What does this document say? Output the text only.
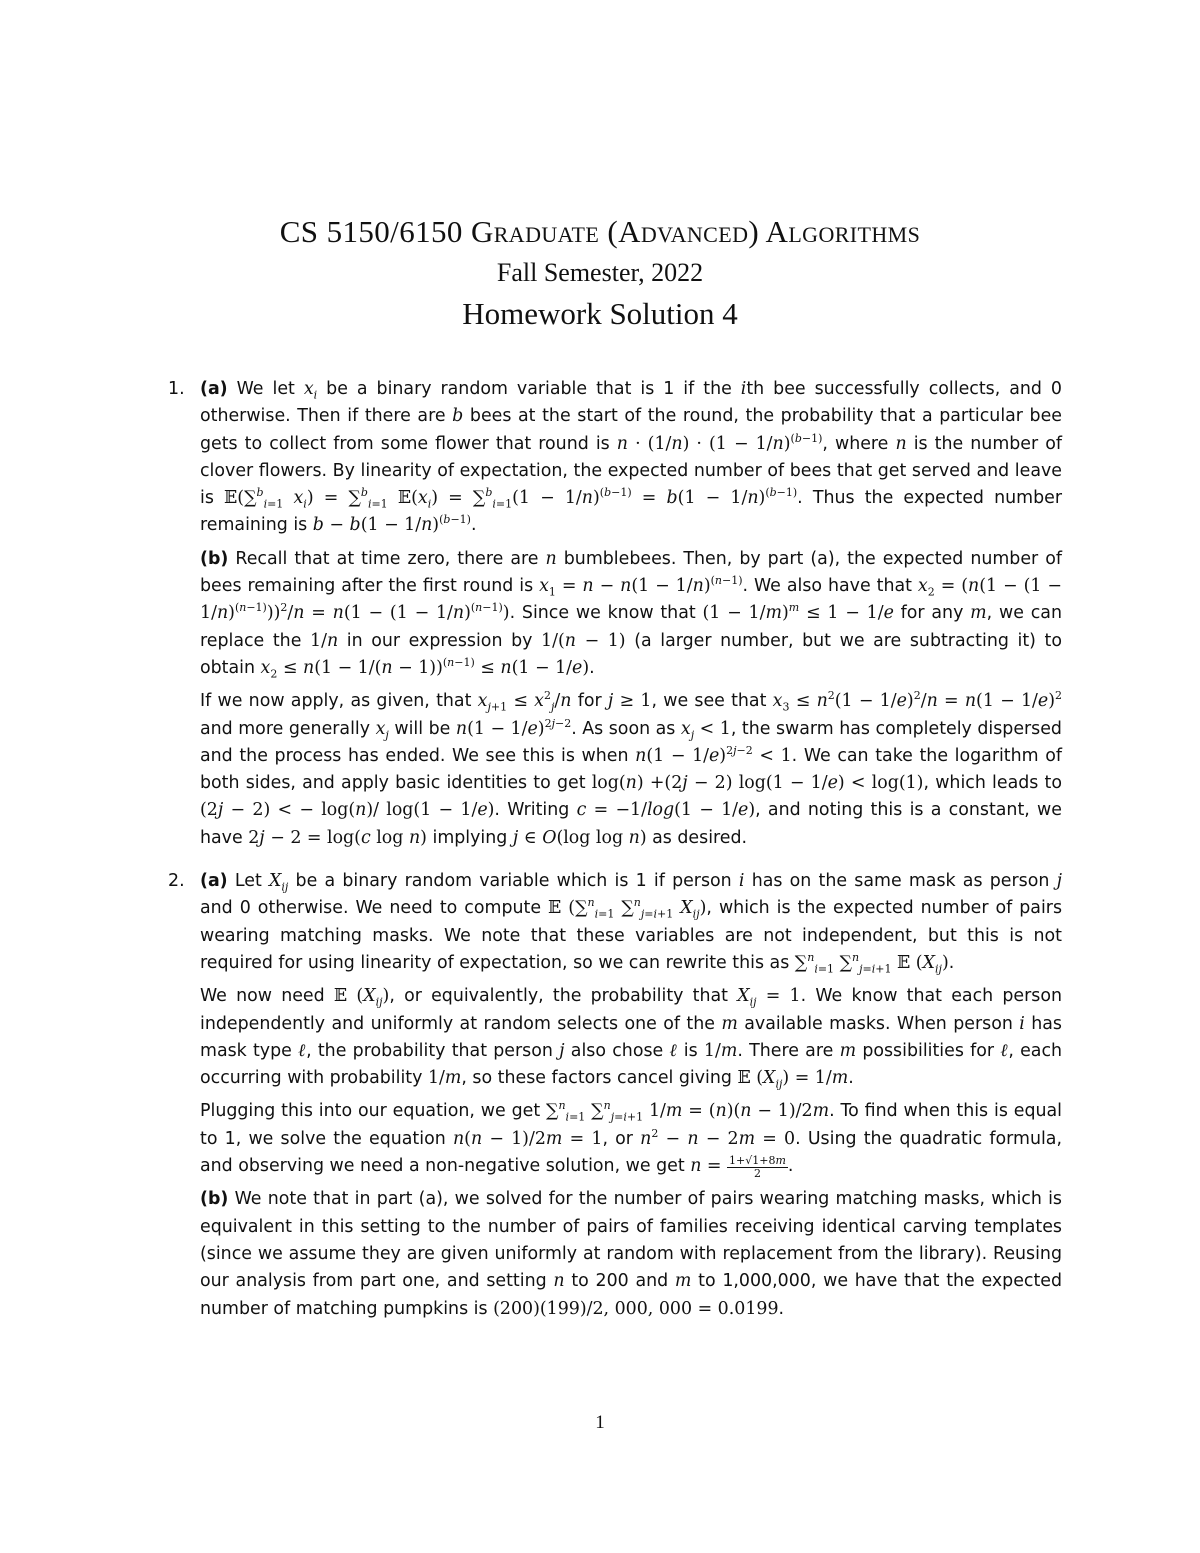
CS 5150/6150 Graduate (Advanced) Algorithms
Fall Semester, 2022
Homework Solution 4
1. (a) We let $x_i$ be a binary random variable that is 1 if the ith bee successfully collects, and 0 otherwise. Then if there are b bees at the start of the round, the probability that a particular bee gets to collect from some flower that round is $n \cdot (1/n) \cdot (1 - 1/n)^{(b-1)}$, where n is the number of clover flowers. By linearity of expectation, the expected number of bees that get served and leave is 𝔼(∑$^b_{i=1}$ $x_i) = \sum^b_{i=1}$ $𝔼(x_i) = \sum^b_{i=1}(1 - 1/n)^{(b-1)} = b(1 - 1/n)^{(b-1)}$. Thus the expected number remaining is $b - b(1 - 1/n)^{(b-1)}$.

(b) Recall that at time zero, there are n bumblebees. Then, by part (a), the expected number of bees remaining after the first round is $x_1 = n - n(1 - 1/n)^{(n-1)}$. We also have that $x_2 = (n(1 - (1 - 1/n)^{(n-1)}))^2/n = n(1 - (1 - 1/n)^{(n-1)})$. Since we know that $(1 - 1/m)^m \le 1 - 1/e$ for any m, we can replace the 1/n in our expression by 1/(n − 1) (a larger number, but we are subtracting it) to obtain $x_2 \le n(1 - 1/(n - 1))^{(n-1)} \le n(1 - 1/e)$.

If we now apply, as given, that $x_{j+1} \le x^2_j/n$ for j ≥ 1, we see that $x_3 \le n^2(1 - 1/e)^2/n = n(1 - 1/e)^2$ and more generally $x_j$ will be $n(1 - 1/e)^{2j-2}$. As soon as $x_j < 1$, the swarm has completely dispersed and the process has ended. We see this is when $n(1 - 1/e)^{2j-2} < 1$. We can take the logarithm of both sides, and apply basic identities to get log(n) +(2j − 2) log(1 − 1/e) < log(1), which leads to (2j − 2) < − log(n)/ log(1 − 1/e). Writing c = −1/log(1 − 1/e), and noting this is a constant, we have 2j − 2 = log(c log n) implying j ∈ O(log log n) as desired.

2. (a) Let $X_{ij}$ be a binary random variable which is 1 if person i has on the same mask as person j and 0 otherwise. We need to compute 𝔼 (∑$^n_{i=1}$ ∑$^n_{j=i+1}$ $X_{ij}$), which is the expected number of pairs wearing matching masks. We note that these variables are not independent, but this is not required for using linearity of expectation, so we can rewrite this as ∑$^n_{i=1}$ ∑$^n_{j=i+1}$ 𝔼 $(X_{ij})$.

We now need 𝔼 $(X_{ij})$, or equivalently, the probability that $X_{ij} = 1$. We know that each person independently and uniformly at random selects one of the m available masks. When person i has mask type ℓ, the probability that person j also chose ℓ is 1/m. There are m possibilities for ℓ, each occurring with probability 1/m, so these factors cancel giving 𝔼 $(X_{ij}) = 1/m$.

Plugging this into our equation, we get ∑$^n_{i=1}$ ∑$^n_{j=i+1}$ 1/m = (n)(n − 1)/2m. To find when this is equal to 1, we solve the equation n(n − 1)/2m = 1, or $n^2 - n - 2m = 0$. Using the quadratic formula, and observing we need a non-negative solution, we get $n = \frac{1+√1+8m}{2}$ .

(b) We note that in part (a), we solved for the number of pairs wearing matching masks, which is equivalent in this setting to the number of pairs of families receiving identical carving templates (since we assume they are given uniformly at random with replacement from the library). Reusing our analysis from part one, and setting n to 200 and m to 1,000,000, we have that the expected number of matching pumpkins is (200)(199)/2, 000, 000 = 0.0199.

1
